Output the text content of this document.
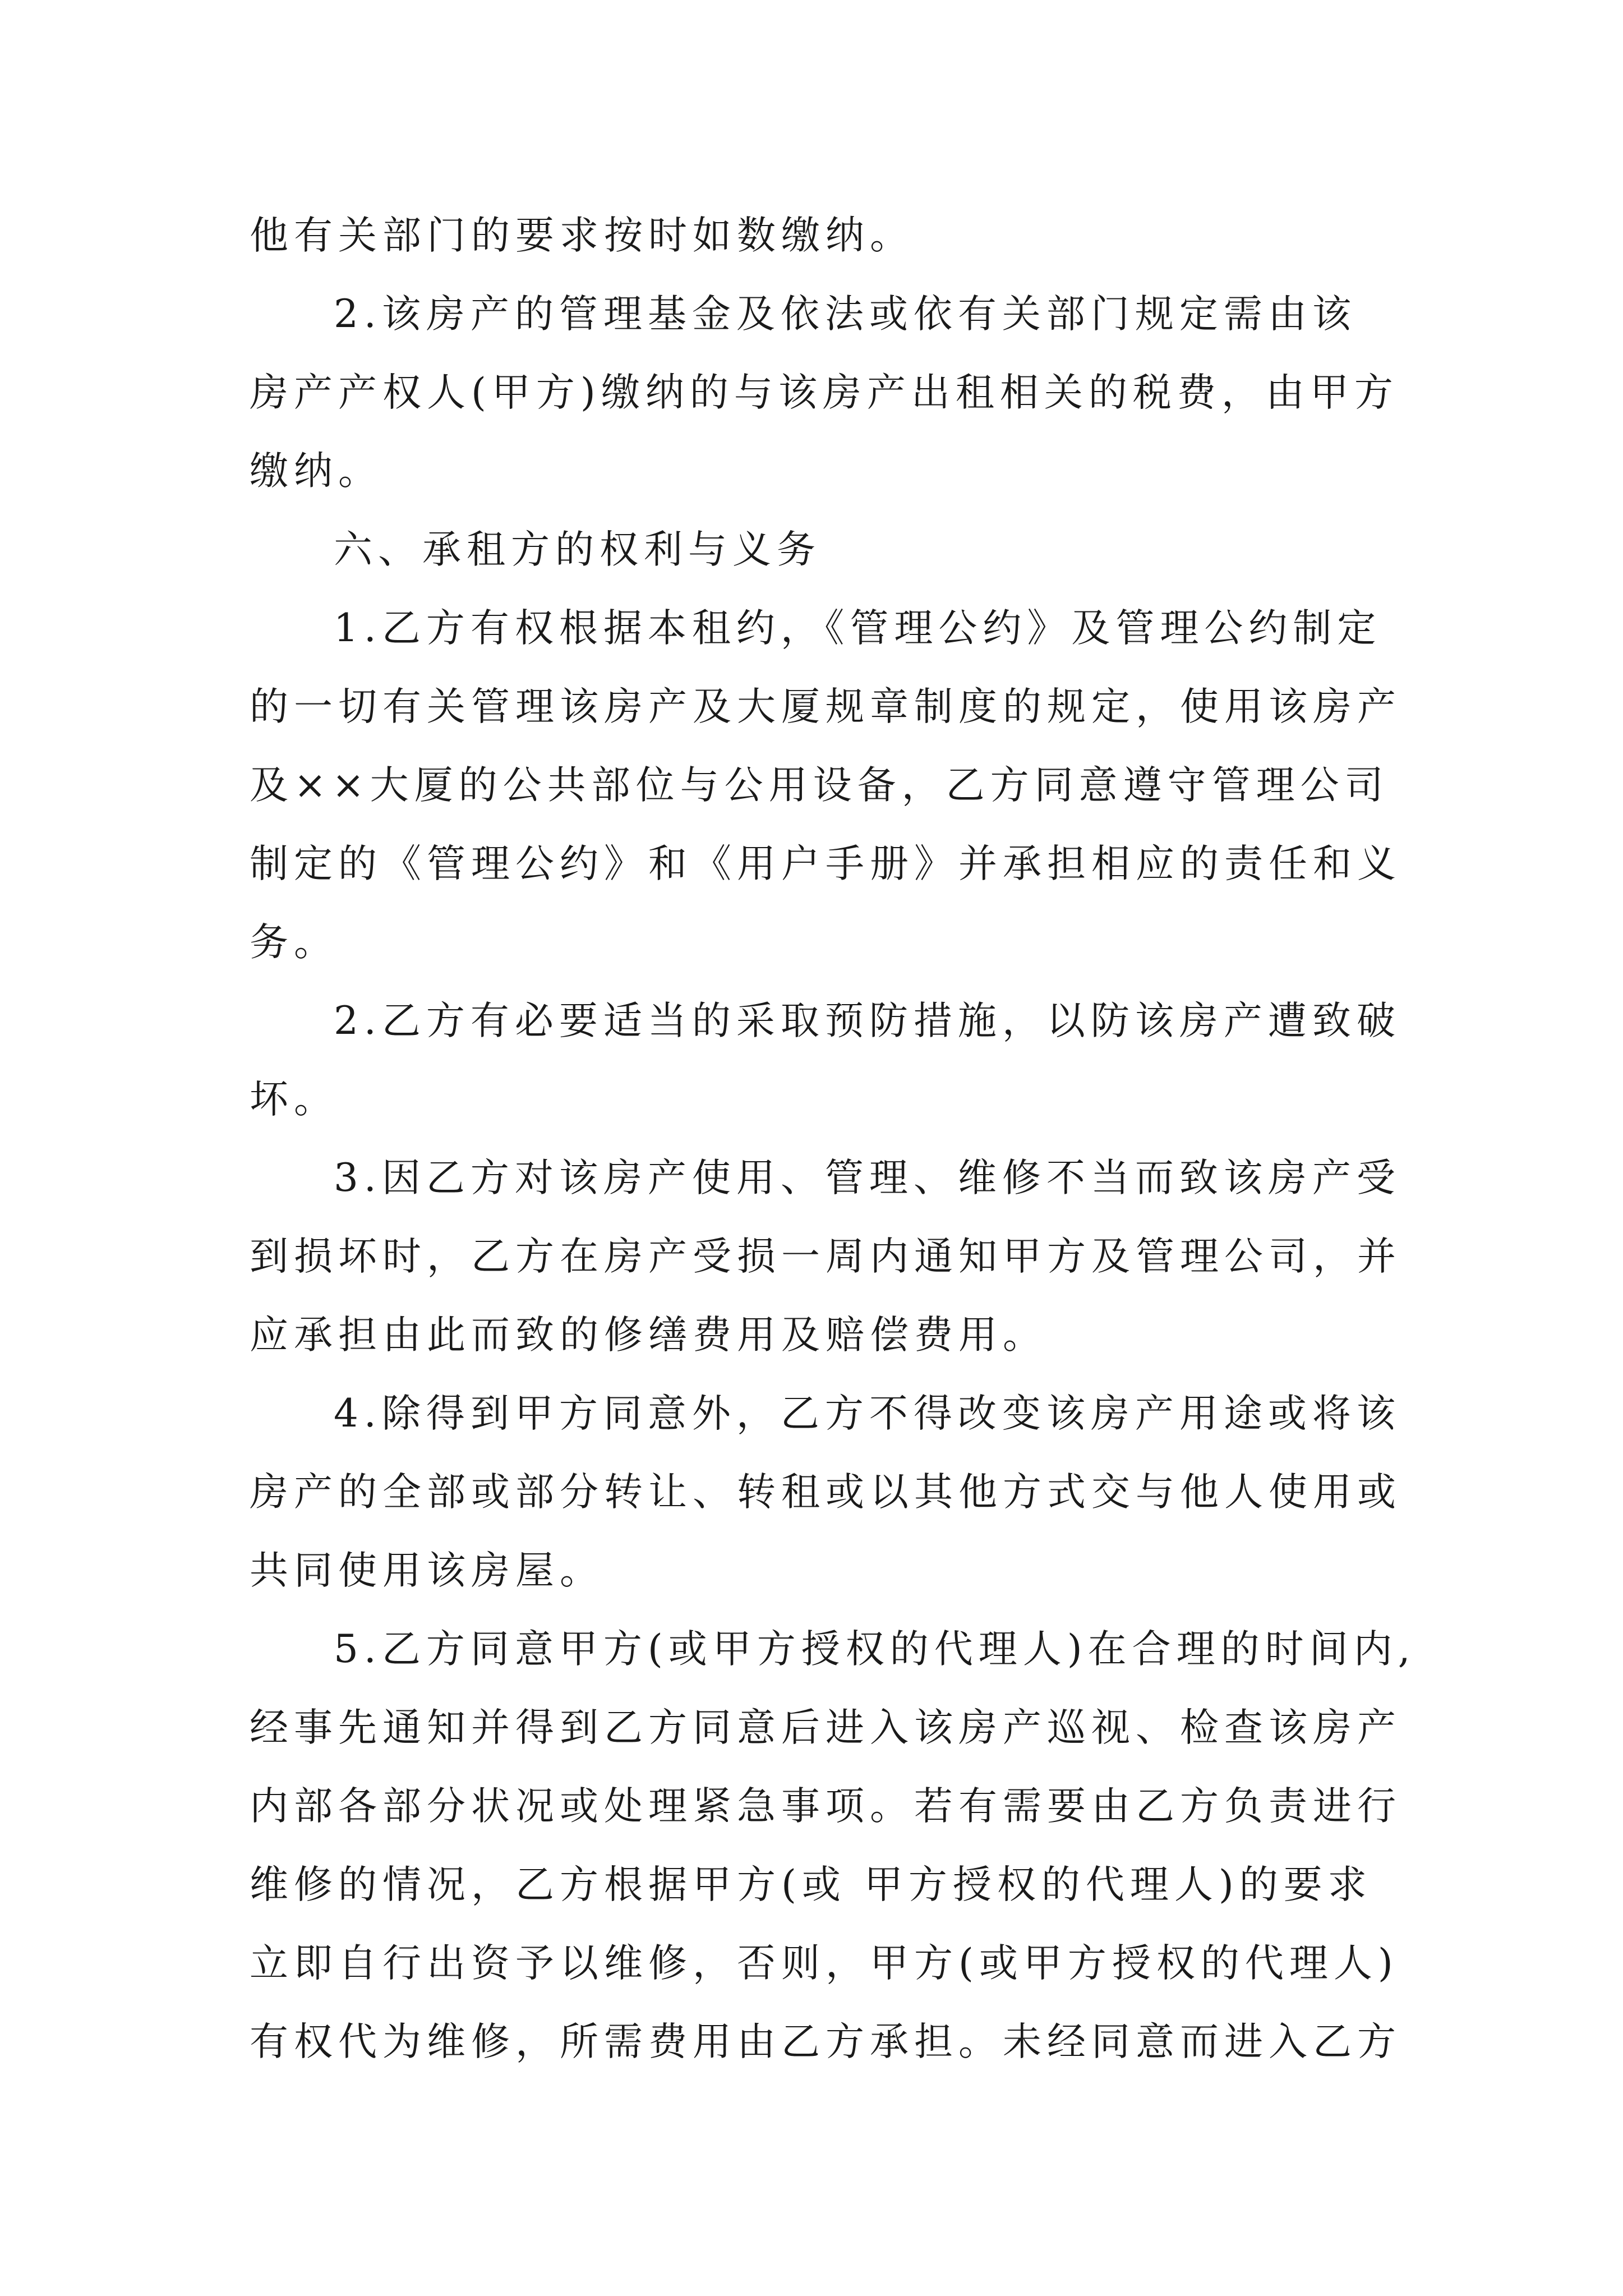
他有关部门的要求按时如数缴纳。
2.该房产的管理基金及依法或依有关部门规定需由该
房产产权人(甲方)缴纳的与该房产出租相关的税费，由甲方
缴纳。
六、承租方的权利与义务
1.乙方有权根据本租约，《管理公约》及管理公约制定
的一切有关管理该房产及大厦规章制度的规定，使用该房产
及××大厦的公共部位与公用设备，乙方同意遵守管理公司
制定的《管理公约》和《用户手册》并承担相应的责任和义
务。
2.乙方有必要适当的采取预防措施，以防该房产遭致破
坏。
3.因乙方对该房产使用、管理、维修不当而致该房产受
到损坏时，乙方在房产受损一周内通知甲方及管理公司，并
应承担由此而致的修缮费用及赔偿费用。
4.除得到甲方同意外，乙方不得改变该房产用途或将该
房产的全部或部分转让、转租或以其他方式交与他人使用或
共同使用该房屋。
5.乙方同意甲方(或甲方授权的代理人)在合理的时间内,
经事先通知并得到乙方同意后进入该房产巡视、检查该房产
内部各部分状况或处理紧急事项。若有需要由乙方负责进行
维修的情况，乙方根据甲方(或 甲方授权的代理人)的要求
立即自行出资予以维修，否则，甲方(或甲方授权的代理人)
有权代为维修，所需费用由乙方承担。未经同意而进入乙方
